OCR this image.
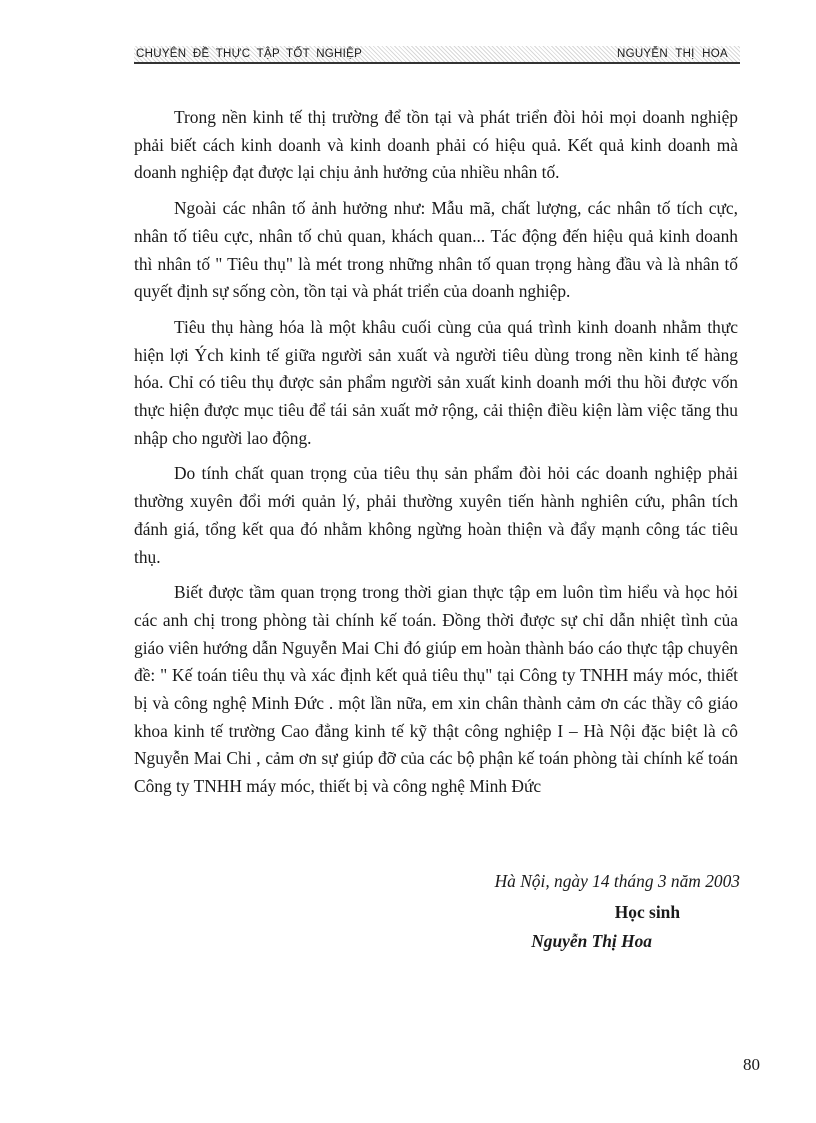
CHUYÊN ĐỀ THỰC TẬP TỐT NGHIỆP	NGUYỄN THỊ HOA

Trong nền kinh tế thị trường để tồn tại và phát triển đòi hỏi mọi doanh nghiệp phải biết cách kinh doanh và kinh doanh phải có hiệu quả. Kết quả kinh doanh mà doanh nghiệp đạt được lại chịu ảnh hưởng của nhiều nhân tố.

Ngoài các nhân tố ảnh hưởng như: Mẫu mã, chất lượng, các nhân tố tích cực, nhân tố tiêu cực, nhân tố chủ quan, khách quan... Tác động đến hiệu quả kinh doanh thì nhân tố " Tiêu thụ" là mét trong những nhân tố quan trọng hàng đầu và là nhân tố quyết định sự sống còn, tồn tại và phát triển của doanh nghiệp.

Tiêu thụ hàng hóa là một khâu cuối cùng của quá trình kinh doanh nhằm thực hiện lợi Ých kinh tế giữa người sản xuất và người tiêu dùng trong nền kinh tế hàng hóa. Chỉ có tiêu thụ được sản phẩm người sản xuất kinh doanh mới thu hồi được vốn thực hiện được mục tiêu để tái sản xuất mở rộng, cải thiện điều kiện làm việc tăng thu nhập cho người lao động.

Do tính chất quan trọng của tiêu thụ sản phẩm đòi hỏi các doanh nghiệp phải thường xuyên đổi mới quản lý, phải thường xuyên tiến hành nghiên cứu, phân tích đánh giá, tổng kết qua đó nhằm không ngừng hoàn thiện và đẩy mạnh công tác tiêu thụ.

Biết được tầm quan trọng trong thời gian thực tập em luôn tìm hiểu và học hỏi các anh chị trong phòng tài chính kế toán. Đồng thời được sự chỉ dẫn nhiệt tình của giáo viên hướng dẫn Nguyễn Mai Chi đó giúp em hoàn thành báo cáo thực tập chuyên đề: " Kế toán tiêu thụ và xác định kết quả tiêu thụ" tại Công ty TNHH máy móc, thiết bị và công nghệ Minh Đức . một lần nữa, em xin chân thành cảm ơn các thầy cô giáo khoa kinh tế trường Cao đẳng kinh tế kỹ thật công nghiệp I – Hà Nội đặc biệt là cô Nguyễn Mai Chi , cảm ơn sự giúp đỡ của các bộ phận kế toán phòng tài chính kế toán Công ty TNHH máy móc, thiết bị và công nghệ Minh Đức

Hà Nội, ngày 14 tháng 3 năm 2003
Học sinh
Nguyễn Thị Hoa
80
